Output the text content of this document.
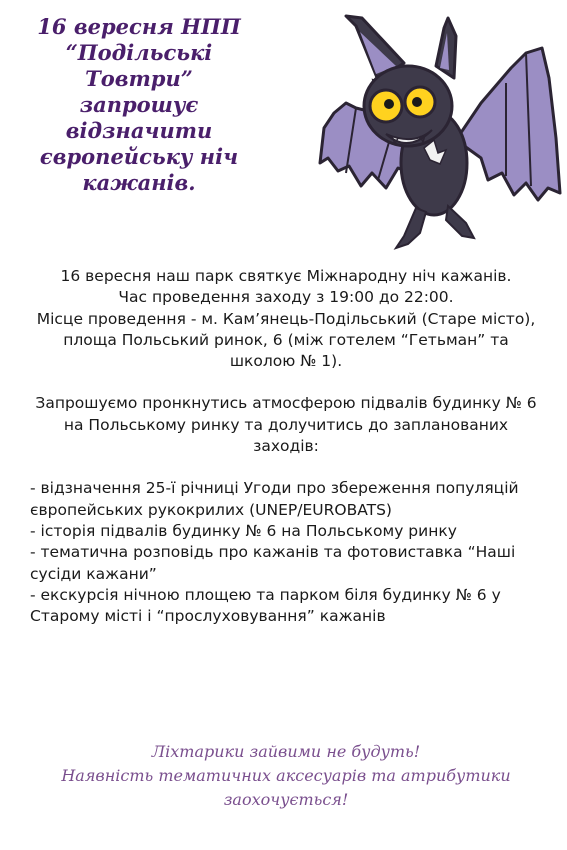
16 вересня НПП
“Подільські
Товтри”
запрошує
відзначити
європейську ніч
кажанів.

16 вересня наш парк святкує Міжнародну ніч кажанів.

Час проведення заходу з 19:00 до 22:00.

Місце проведення - м. Кам’янець-Подільський (Старе місто), площа Польський ринок, 6 (між готелем “Гетьман” та школою № 1).

Запрошуємо пронкнутись атмосферою підвалів будинку № 6 на Польському ринку та долучитись до запланованих заходів:

- відзначення 25-ї річниці Угоди про збереження популяцій європейських рукокрилих (UNEP/EUROBATS)
- історія підвалів будинку № 6 на Польському ринку
- тематична розповідь про кажанів та фотовиставка “Наші сусіди кажани”
- екскурсія нічною площею та парком біля будинку № 6 у Старому місті і “прослуховування” кажанів

Ліхтарики зайвими не будуть!
Наявність тематичних аксесуарів та атрибутики заохочується!
